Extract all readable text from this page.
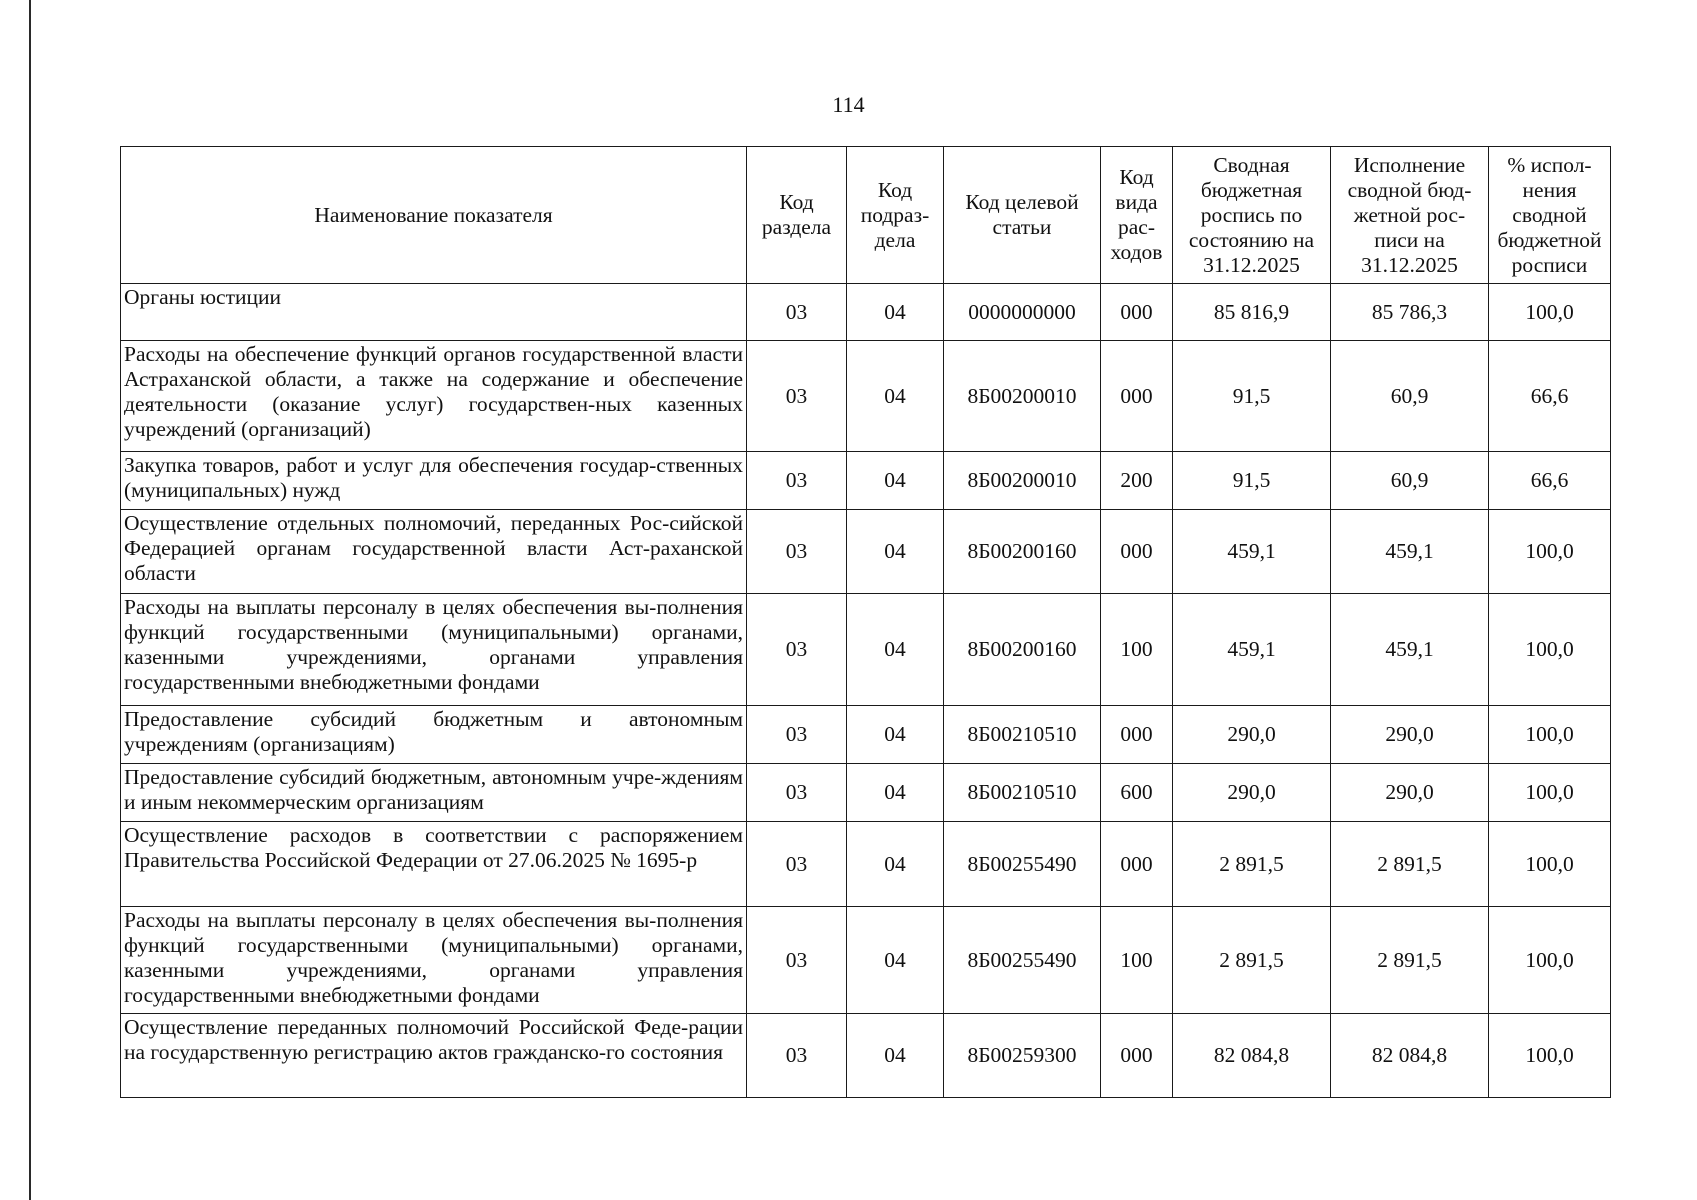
114
Наименование показателя	Код раздела	Код подраз-дела	Код целевой статьи	Код вида рас-ходов	Сводная бюджетная роспись по состоянию на 31.12.2025	Исполнение сводной бюд-жетной рос-писи на 31.12.2025	% испол-нения сводной бюджетной росписи
Органы юстиции	03	04	0000000000	000	85 816,9	85 786,3	100,0
Расходы на обеспечение функций органов государственной власти Астраханской области, а также на содержание и обеспечение деятельности (оказание услуг) государствен-ных казенных учреждений (организаций)	03	04	8Б00200010	000	91,5	60,9	66,6
Закупка товаров, работ и услуг для обеспечения государ-ственных (муниципальных) нужд	03	04	8Б00200010	200	91,5	60,9	66,6
Осуществление отдельных полномочий, переданных Рос-сийской Федерацией органам государственной власти Аст-раханской области	03	04	8Б00200160	000	459,1	459,1	100,0
Расходы на выплаты персоналу в целях обеспечения вы-полнения функций государственными (муниципальными) органами, казенными учреждениями, органами управления государственными внебюджетными фондами	03	04	8Б00200160	100	459,1	459,1	100,0
Предоставление субсидий бюджетным и автономным учреждениям (организациям)	03	04	8Б00210510	000	290,0	290,0	100,0
Предоставление субсидий бюджетным, автономным учре-ждениям и иным некоммерческим организациям	03	04	8Б00210510	600	290,0	290,0	100,0
Осуществление расходов в соответствии с распоряжением Правительства Российской Федерации от 27.06.2025 № 1695-р	03	04	8Б00255490	000	2 891,5	2 891,5	100,0
Расходы на выплаты персоналу в целях обеспечения вы-полнения функций государственными (муниципальными) органами, казенными учреждениями, органами управления государственными внебюджетными фондами	03	04	8Б00255490	100	2 891,5	2 891,5	100,0
Осуществление переданных полномочий Российской Феде-рации на государственную регистрацию актов гражданско-го состояния	03	04	8Б00259300	000	82 084,8	82 084,8	100,0
